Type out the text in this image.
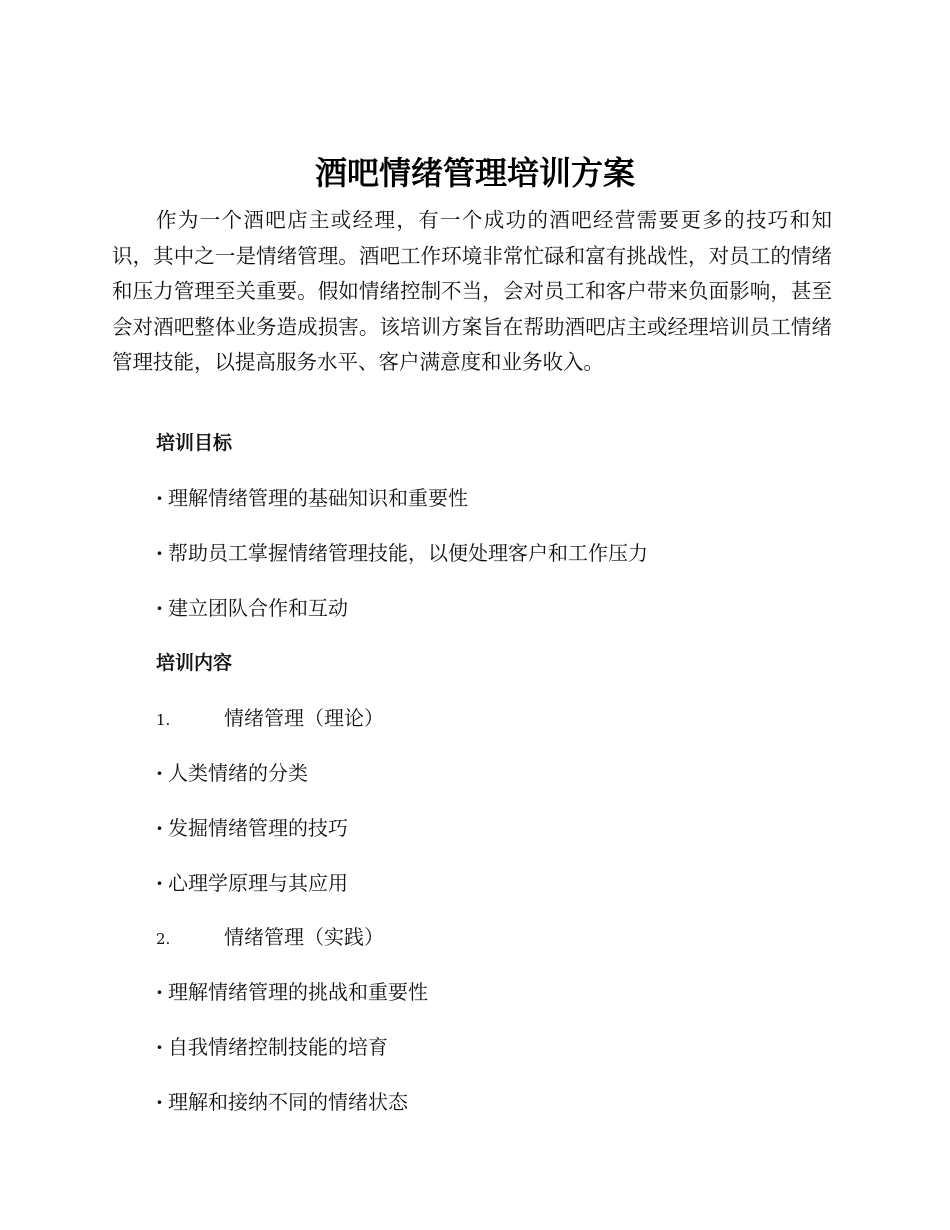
酒吧情绪管理培训方案

作为一个酒吧店主或经理，有一个成功的酒吧经营需要更多的技巧和知识，其中之一是情绪管理。酒吧工作环境非常忙碌和富有挑战性，对员工的情绪和压力管理至关重要。假如情绪控制不当，会对员工和客户带来负面影响，甚至会对酒吧整体业务造成损害。该培训方案旨在帮助酒吧店主或经理培训员工情绪管理技能，以提高服务水平、客户满意度和业务收入。

培训目标

· 理解情绪管理的基础知识和重要性

· 帮助员工掌握情绪管理技能，以便处理客户和工作压力

· 建立团队合作和互动

培训内容

1.	情绪管理（理论）

· 人类情绪的分类

· 发掘情绪管理的技巧

· 心理学原理与其应用

2.	情绪管理（实践）

· 理解情绪管理的挑战和重要性

· 自我情绪控制技能的培育

· 理解和接纳不同的情绪状态
